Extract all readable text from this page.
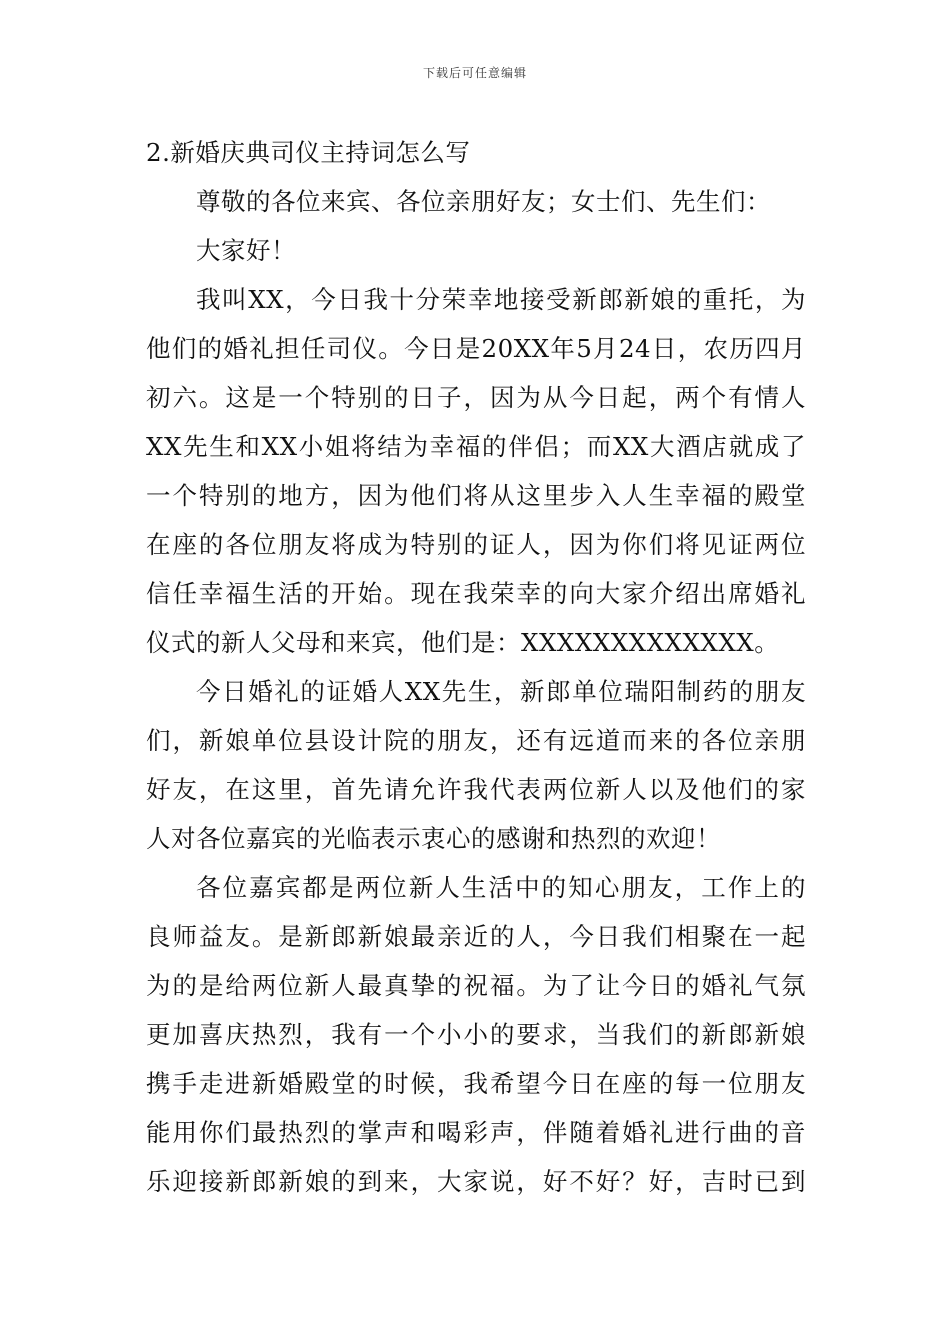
下载后可任意编辑
2.新婚庆典司仪主持词怎么写
尊敬的各位来宾、各位亲朋好友；女士们、先生们：
大家好！
我叫XX，今日我十分荣幸地接受新郎新娘的重托，为
他们的婚礼担任司仪。今日是20XX年5月24日，农历四月
初六。这是一个特别的日子，因为从今日起，两个有情人
XX先生和XX小姐将结为幸福的伴侣；而XX大酒店就成了
一个特别的地方，因为他们将从这里步入人生幸福的殿堂
在座的各位朋友将成为特别的证人，因为你们将见证两位
信任幸福生活的开始。现在我荣幸的向大家介绍出席婚礼
仪式的新人父母和来宾，他们是：XXXXXXXXXXXXX。
今日婚礼的证婚人XX先生，新郎单位瑞阳制药的朋友
们，新娘单位县设计院的朋友，还有远道而来的各位亲朋
好友，在这里，首先请允许我代表两位新人以及他们的家
人对各位嘉宾的光临表示衷心的感谢和热烈的欢迎！
各位嘉宾都是两位新人生活中的知心朋友，工作上的
良师益友。是新郎新娘最亲近的人，今日我们相聚在一起
为的是给两位新人最真挚的祝福。为了让今日的婚礼气氛
更加喜庆热烈，我有一个小小的要求，当我们的新郎新娘
携手走进新婚殿堂的时候，我希望今日在座的每一位朋友
能用你们最热烈的掌声和喝彩声，伴随着婚礼进行曲的音
乐迎接新郎新娘的到来，大家说，好不好？好，吉时已到
